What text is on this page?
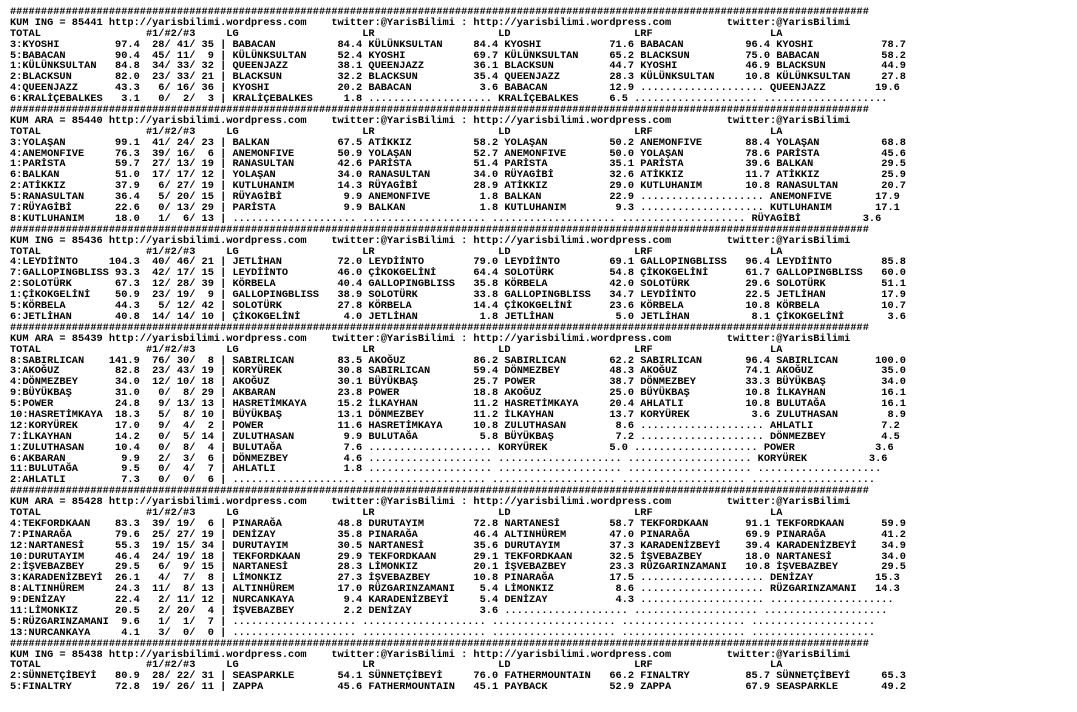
###########################################################################################################################################
KUM ING = 85441 http://yarisbilimi.wordpress.com    twitter:@YarisBilimi : http://yarisbilimi.wordpress.com         twitter:@YarisBilimi
TOTAL                 #1/#2/#3     LG                    LR                    LD                    LRF                   LA
3:KYOSHI         97.4  28/ 41/ 35 | BABACAN          84.4 KÜLÜNKSULTAN     84.4 KYOSHI           71.6 BABACAN          96.4 KYOSHI           78.7
5:BABACAN        90.4  45/ 11/  9 | KÜLÜNKSULTAN     52.4 KYOSHI           69.7 KÜLÜNKSULTAN     65.2 BLACKSUN         75.0 BABACAN          58.2
1:KÜLÜNKSULTAN   84.8  34/ 33/ 32 | QUEENJAZZ        38.1 QUEENJAZZ        36.1 BLACKSUN         44.7 KYOSHI           46.9 BLACKSUN         44.9
2:BLACKSUN       82.0  23/ 33/ 21 | BLACKSUN         32.2 BLACKSUN         35.4 QUEENJAZZ        28.3 KÜLÜNKSULTAN     10.8 KÜLÜNKSULTAN     27.8
4:QUEENJAZZ      43.3   6/ 16/ 36 | KYOSHI           20.2 BABACAN           3.6 BABACAN          12.9 .................... QUEENJAZZ        19.6
6:KRALİÇEBALKES   3.1   0/  2/  3 | KRALİÇEBALKES     1.8 .................... KRALİÇEBALKES     6.5 .................... ....................
###########################################################################################################################################
KUM ARA = 85440 http://yarisbilimi.wordpress.com    twitter:@YarisBilimi : http://yarisbilimi.wordpress.com         twitter:@YarisBilimi
TOTAL                 #1/#2/#3     LG                    LR                    LD                    LRF                   LA
3:YOLAŞAN        99.1  41/ 24/ 23 | BALKAN           67.5 ATİKKIZ          58.2 YOLAŞAN          50.2 ANEMONFIVE       88.4 YOLAŞAN          68.8
4:ANEMONFIVE     76.3  39/ 16/  6 | ANEMONFIVE       50.9 YOLAŞAN          52.7 ANEMONFIVE       50.0 YOLAŞAN          78.6 PARİSTA          45.6
1:PARİSTA        59.7  27/ 13/ 19 | RANASULTAN       42.6 PARİSTA          51.4 PARİSTA          35.1 PARİSTA          39.6 BALKAN           29.5
6:BALKAN         51.0  17/ 17/ 12 | YOLAŞAN          34.0 RANASULTAN       34.0 RÜYAGİBİ         32.6 ATİKKIZ          11.7 ATİKKIZ          25.9
2:ATİKKIZ        37.9   6/ 27/ 19 | KUTLUHANIM       14.3 RÜYAGİBİ         28.9 ATİKKIZ          29.0 KUTLUHANIM       10.8 RANASULTAN       20.7
5:RANASULTAN     36.4   5/ 20/ 15 | RÜYAGİBİ          9.9 ANEMONFIVE        1.8 BALKAN           22.9 .................... ANEMONFIVE       17.9
7:RÜYAGİBİ       22.6   0/ 13/ 29 | PARİSTA           9.9 BALKAN            1.8 KUTLUHANIM        9.3 .................... KUTLUHANIM       17.1
8:KUTLUHANIM     18.0   1/  6/ 13 | .................... .................... .................... .................... RÜYAGİBİ          3.6
###########################################################################################################################################
KUM ING = 85436 http://yarisbilimi.wordpress.com    twitter:@YarisBilimi : http://yarisbilimi.wordpress.com         twitter:@YarisBilimi
TOTAL                 #1/#2/#3     LG                    LR                    LD                    LRF                   LA
4:LEYDİİNTO     104.3  40/ 46/ 21 | JETLİHAN         72.0 LEYDİİNTO        79.0 LEYDİİNTO        69.1 GALLOPINGBLISS   96.4 LEYDİİNTO        85.8
7:GALLOPINGBLISS 93.3  42/ 17/ 15 | LEYDİİNTO        46.0 ÇİKOKGELİNİ      64.4 SOLOTÜRK         54.8 ÇİKOKGELİNİ      61.7 GALLOPINGBLISS   60.0
2:SOLOTÜRK       67.3  12/ 28/ 39 | KÖRBELA          40.4 GALLOPINGBLISS   35.8 KÖRBELA          42.0 SOLOTÜRK         29.6 SOLOTÜRK         51.1
1:ÇİKOKGELİNİ    50.9  23/ 19/  9 | GALLOPINGBLISS   38.9 SOLOTÜRK         33.8 GALLOPINGBLISS   34.7 LEYDİİNTO        22.5 JETLİHAN         17.9
5:KÖRBELA        44.3   5/ 12/ 42 | SOLOTÜRK         27.8 KÖRBELA          14.4 ÇİKOKGELİNİ      23.6 KÖRBELA          10.8 KÖRBELA          10.7
6:JETLİHAN       40.8  14/ 14/ 10 | ÇİKOKGELİNİ       4.0 JETLİHAN          1.8 JETLİHAN          5.0 JETLİHAN          8.1 ÇİKOKGELİNİ       3.6
###########################################################################################################################################
KUM ARA = 85439 http://yarisbilimi.wordpress.com    twitter:@YarisBilimi : http://yarisbilimi.wordpress.com         twitter:@YarisBilimi
TOTAL                 #1/#2/#3     LG                    LR                    LD                    LRF                   LA
8:SABIRLICAN    141.9  76/ 30/  8 | SABIRLICAN       83.5 AKOĞUZ           86.2 SABIRLICAN       62.2 SABIRLICAN       96.4 SABIRLICAN      100.0
3:AKOĞUZ         82.8  23/ 43/ 19 | KORYÜREK         30.8 SABIRLICAN       59.4 DÖNMEZBEY        48.3 AKOĞUZ           74.1 AKOĞUZ           35.0
4:DÖNMEZBEY      34.0  12/ 10/ 18 | AKOĞUZ           30.1 BÜYÜKBAŞ         25.7 POWER            38.7 DÖNMEZBEY        33.3 BÜYÜKBAŞ         34.0
9:BÜYÜKBAŞ       31.0   0/  8/ 29 | AKBARAN          23.8 POWER            18.8 AKOĞUZ           25.0 BÜYÜKBAŞ         10.8 İLKAYHAN         16.1
5:POWER          24.8   9/ 13/ 13 | HASRETİMKAYA     15.2 İLKAYHAN         11.2 HASRETİMKAYA     20.4 AHLATLI          10.8 BULUTAĞA         16.1
10:HASRETİMKAYA  18.3   5/  8/ 10 | BÜYÜKBAŞ         13.1 DÖNMEZBEY        11.2 İLKAYHAN         13.7 KORYÜREK          3.6 ZULUTHASAN        8.9
12:KORYÜREK      17.0   9/  4/  2 | POWER            11.6 HASRETİMKAYA     10.8 ZULUTHASAN        8.6 .................... AHLATLI           7.2
7:İLKAYHAN       14.2   0/  5/ 14 | ZULUTHASAN        9.9 BULUTAĞA          5.8 BÜYÜKBAŞ          7.2 .................... DÖNMEZBEY         4.5
1:ZULUTHASAN     10.4   0/  8/  4 | BULUTAĞA          7.6 .................... KORYÜREK          5.0 .................... POWER             3.6
6:AKBARAN         9.9   2/  3/  6 | DÖNMEZBEY         4.6 .................... .................... .................... KORYÜREK          3.6
11:BULUTAĞA       9.5   0/  4/  7 | AHLATLI           1.8 .................... .................... .................... ....................
2:AHLATLI         7.3   0/  0/  6 | .................... .................... .................... .................... ....................
###########################################################################################################################################
KUM ARA = 85428 http://yarisbilimi.wordpress.com    twitter:@YarisBilimi : http://yarisbilimi.wordpress.com         twitter:@YarisBilimi
TOTAL                 #1/#2/#3     LG                    LR                    LD                    LRF                   LA
4:TEKFORDKAAN    83.3  39/ 19/  6 | PINARAĞA         48.8 DURUTAYIM        72.8 NARTANESİ        58.7 TEKFORDKAAN      91.1 TEKFORDKAAN      59.9
7:PINARAĞA       79.6  25/ 27/ 19 | DENİZAY          35.8 PINARAĞA         46.4 ALTINHÜREM       47.0 PINARAĞA         69.9 PINARAĞA         41.2
12:NARTANESİ     55.3  19/ 15/ 34 | DURUTAYIM        30.5 NARTANESİ        35.6 DURUTAYIM        37.3 KARADENİZBEYİ    39.4 KARADENİZBEYİ    34.9
10:DURUTAYIM     46.4  24/ 19/ 18 | TEKFORDKAAN      29.9 TEKFORDKAAN      29.1 TEKFORDKAAN      32.5 İŞVEBAZBEY       18.0 NARTANESİ        34.0
2:İŞVEBAZBEY     29.5   6/  9/ 15 | NARTANESİ        28.3 LİMONKIZ         20.1 İŞVEBAZBEY       23.3 RÜZGARINZAMANI   10.8 İŞVEBAZBEY       29.5
3:KARADENİZBEYİ  26.1   4/  7/  8 | LİMONKIZ         27.3 İŞVEBAZBEY       10.8 PINARAĞA         17.5 .................... DENİZAY          15.3
8:ALTINHÜREM     24.3  11/  8/ 13 | ALTINHÜREM       17.0 RÜZGARINZAMANI    5.4 LİMONKIZ          8.6 .................... RÜZGARINZAMANI   14.3
9:DENİZAY        22.4   2/ 11/ 12 | NURCANKAYA        9.4 KARADENİZBEYİ     5.4 DENİZAY           4.3 .................... ....................
11:LİMONKIZ      20.5   2/ 20/  4 | İŞVEBAZBEY        2.2 DENİZAY           3.6 .................... .................... ....................
5:RÜZGARINZAMANI  9.6   1/  1/  7 | .................... .................... .................... .................... ....................
13:NURCANKAYA     4.1   3/  0/  0 | .................... .................... .................... .................... ....................
###########################################################################################################################################
KUM ING = 85438 http://yarisbilimi.wordpress.com    twitter:@YarisBilimi : http://yarisbilimi.wordpress.com         twitter:@YarisBilimi
TOTAL                 #1/#2/#3     LG                    LR                    LD                    LRF                   LA
2:SÜNNETÇİBEYİ   80.9  28/ 22/ 31 | SEASPARKLE       54.1 SÜNNETÇİBEYİ     76.0 FATHERMOUNTAIN   66.2 FINALTRY         85.7 SÜNNETÇİBEYİ     65.3
5:FINALTRY       72.8  19/ 26/ 11 | ZAPPA            45.6 FATHERMOUNTAIN   45.1 PAYBACK          52.9 ZAPPA            67.9 SEASPARKLE       49.2
